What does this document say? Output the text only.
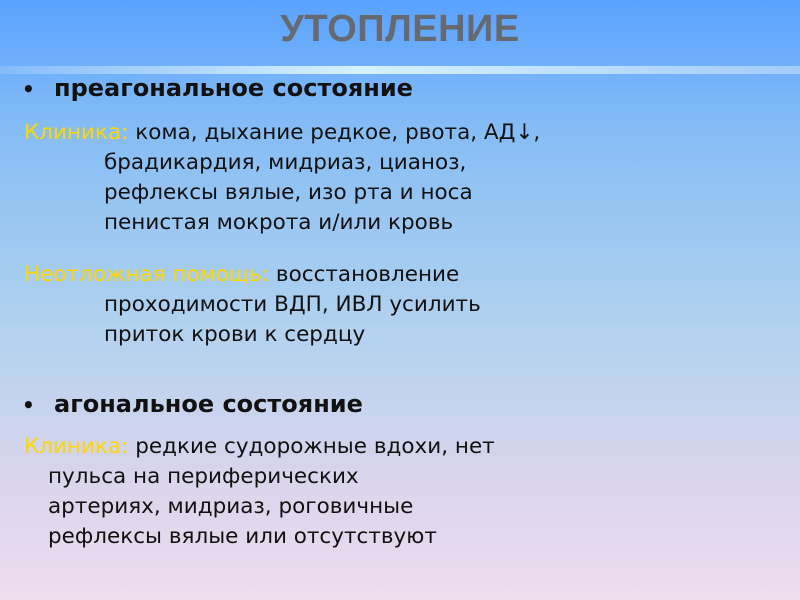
УТОПЛЕНИЕ
• преагональное состояние
Клиника: кома, дыхание редкое, рвота, АД↓,
брадикардия, мидриаз, цианоз,
рефлексы вялые, изо рта и носа
пенистая мокрота и/или кровь
Неотложная помощь: восстановление
проходимости ВДП, ИВЛ усилить
приток крови к сердцу
• агональное состояние
Клиника: редкие судорожные вдохи, нет
пульса на периферических
артериях, мидриаз, роговичные
рефлексы вялые или отсутствуют
